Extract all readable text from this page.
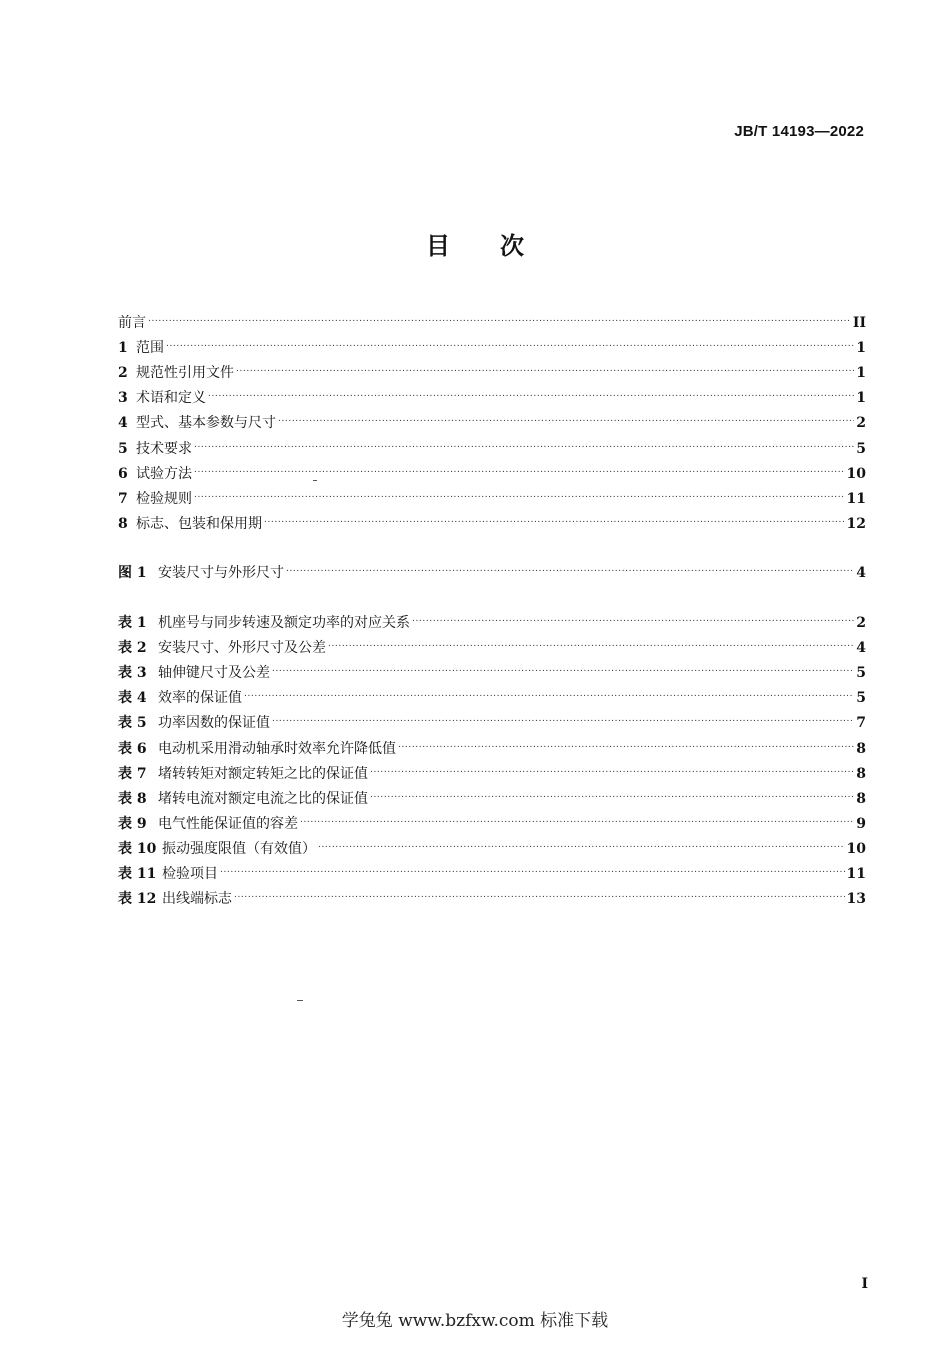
JB/T 14193—2022
目 次
前言 .....	II
1 范围 .....	1
2 规范性引用文件 .....	1
3 术语和定义 .....	1
4 型式、基本参数与尺寸 .....	2
5 技术要求 .....	5
6 试验方法 .....	10
7 检验规则 .....	11
8 标志、包装和保用期 .....	12
图 1 安装尺寸与外形尺寸 .....	4
表 1 机座号与同步转速及额定功率的对应关系 .....	2
表 2 安装尺寸、外形尺寸及公差 .....	4
表 3 轴伸键尺寸及公差 .....	5
表 4 效率的保证值 .....	5
表 5 功率因数的保证值 .....	7
表 6 电动机采用滑动轴承时效率允许降低值 .....	8
表 7 堵转转矩对额定转矩之比的保证值 .....	8
表 8 堵转电流对额定电流之比的保证值 .....	8
表 9 电气性能保证值的容差 .....	9
表 10 振动强度限值（有效值） .....	10
表 11 检验项目 .....	11
表 12 出线端标志 .....	13
I
学兔兔 www.bzfxw.com 标准下载
